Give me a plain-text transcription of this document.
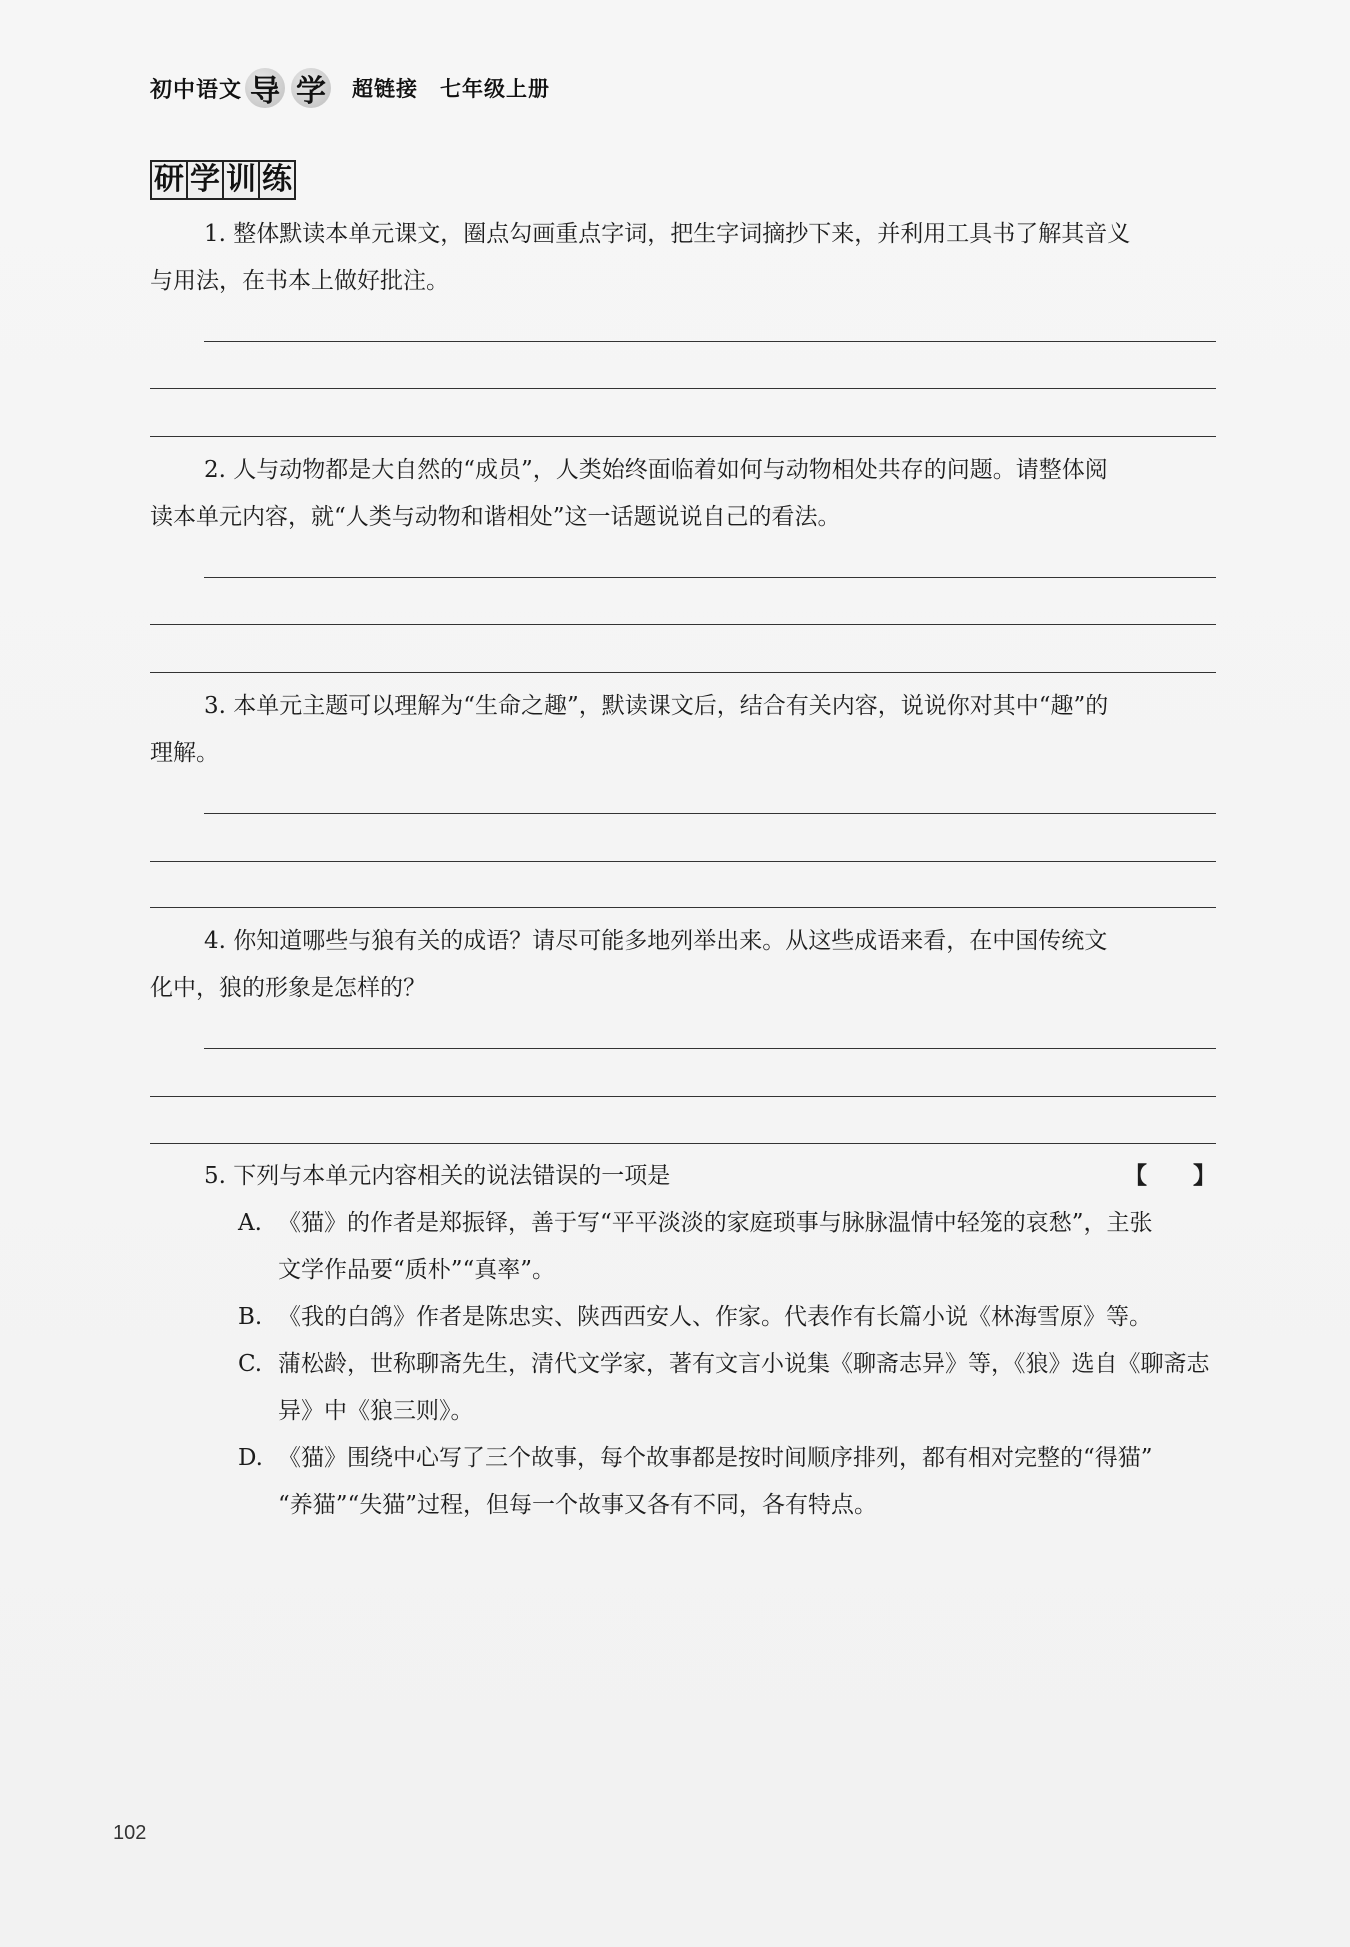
初中语文 导 学 超链接 七年级上册
研 学 训 练
1. 整体默读本单元课文，圈点勾画重点字词，把生字词摘抄下来，并利用工具书了解其音义
与用法，在书本上做好批注。
2. 人与动物都是大自然的“成员”，人类始终面临着如何与动物相处共存的问题。请整体阅
读本单元内容，就“人类与动物和谐相处”这一话题说说自己的看法。
3. 本单元主题可以理解为“生命之趣”，默读课文后，结合有关内容，说说你对其中“趣”的
理解。
4. 你知道哪些与狼有关的成语？请尽可能多地列举出来。从这些成语来看，在中国传统文
化中，狼的形象是怎样的？
5. 下列与本单元内容相关的说法错误的一项是	【　　】
A. 《猫》的作者是郑振铎，善于写“平平淡淡的家庭琐事与脉脉温情中轻笼的哀愁”，主张
文学作品要“质朴”“真率”。
B. 《我的白鸽》作者是陈忠实、陕西西安人、作家。代表作有长篇小说《林海雪原》等。
C. 蒲松龄，世称聊斋先生，清代文学家，著有文言小说集《聊斋志异》等，《狼》选自《聊斋志
异》中《狼三则》。
D. 《猫》围绕中心写了三个故事，每个故事都是按时间顺序排列，都有相对完整的“得猫”
“养猫”“失猫”过程，但每一个故事又各有不同，各有特点。
102
